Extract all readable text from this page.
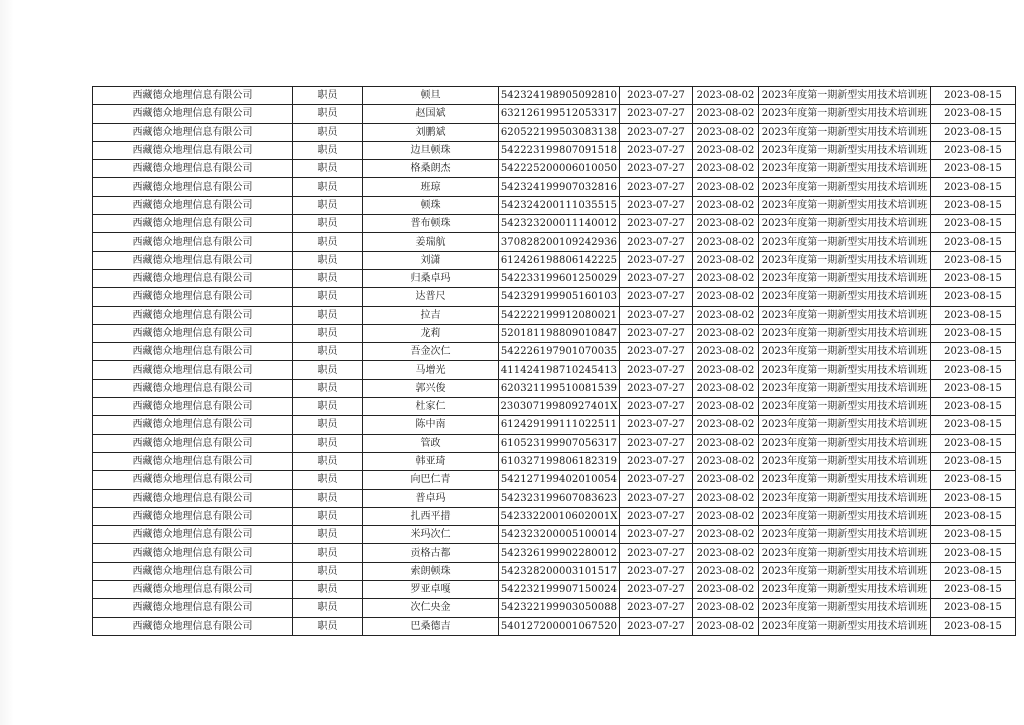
西藏德众地理信息有限公司	职员	顿旦	542324198905092810	2023-07-27	2023-08-02	2023年度第一期新型实用技术培训班	2023-08-15
西藏德众地理信息有限公司	职员	赵国斌	632126199512053317	2023-07-27	2023-08-02	2023年度第一期新型实用技术培训班	2023-08-15
西藏德众地理信息有限公司	职员	刘鹏斌	620522199503083138	2023-07-27	2023-08-02	2023年度第一期新型实用技术培训班	2023-08-15
西藏德众地理信息有限公司	职员	边旦顿珠	542223199807091518	2023-07-27	2023-08-02	2023年度第一期新型实用技术培训班	2023-08-15
西藏德众地理信息有限公司	职员	格桑朗杰	542225200006010050	2023-07-27	2023-08-02	2023年度第一期新型实用技术培训班	2023-08-15
西藏德众地理信息有限公司	职员	班琼	542324199907032816	2023-07-27	2023-08-02	2023年度第一期新型实用技术培训班	2023-08-15
西藏德众地理信息有限公司	职员	顿珠	542324200111035515	2023-07-27	2023-08-02	2023年度第一期新型实用技术培训班	2023-08-15
西藏德众地理信息有限公司	职员	普布顿珠	542323200011140012	2023-07-27	2023-08-02	2023年度第一期新型实用技术培训班	2023-08-15
西藏德众地理信息有限公司	职员	姜瑞航	370828200109242936	2023-07-27	2023-08-02	2023年度第一期新型实用技术培训班	2023-08-15
西藏德众地理信息有限公司	职员	刘潇	612426198806142225	2023-07-27	2023-08-02	2023年度第一期新型实用技术培训班	2023-08-15
西藏德众地理信息有限公司	职员	归桑卓玛	542233199601250029	2023-07-27	2023-08-02	2023年度第一期新型实用技术培训班	2023-08-15
西藏德众地理信息有限公司	职员	达普尺	542329199905160103	2023-07-27	2023-08-02	2023年度第一期新型实用技术培训班	2023-08-15
西藏德众地理信息有限公司	职员	拉吉	542222199912080021	2023-07-27	2023-08-02	2023年度第一期新型实用技术培训班	2023-08-15
西藏德众地理信息有限公司	职员	龙莉	520181198809010847	2023-07-27	2023-08-02	2023年度第一期新型实用技术培训班	2023-08-15
西藏德众地理信息有限公司	职员	吾金次仁	542226197901070035	2023-07-27	2023-08-02	2023年度第一期新型实用技术培训班	2023-08-15
西藏德众地理信息有限公司	职员	马增光	411424198710245413	2023-07-27	2023-08-02	2023年度第一期新型实用技术培训班	2023-08-15
西藏德众地理信息有限公司	职员	郭兴俊	620321199510081539	2023-07-27	2023-08-02	2023年度第一期新型实用技术培训班	2023-08-15
西藏德众地理信息有限公司	职员	杜家仁	23030719980927401X	2023-07-27	2023-08-02	2023年度第一期新型实用技术培训班	2023-08-15
西藏德众地理信息有限公司	职员	陈中南	612429199111022511	2023-07-27	2023-08-02	2023年度第一期新型实用技术培训班	2023-08-15
西藏德众地理信息有限公司	职员	管政	610523199907056317	2023-07-27	2023-08-02	2023年度第一期新型实用技术培训班	2023-08-15
西藏德众地理信息有限公司	职员	韩亚琦	610327199806182319	2023-07-27	2023-08-02	2023年度第一期新型实用技术培训班	2023-08-15
西藏德众地理信息有限公司	职员	向巴仁青	542127199402010054	2023-07-27	2023-08-02	2023年度第一期新型实用技术培训班	2023-08-15
西藏德众地理信息有限公司	职员	普卓玛	542323199607083623	2023-07-27	2023-08-02	2023年度第一期新型实用技术培训班	2023-08-15
西藏德众地理信息有限公司	职员	扎西平措	54233220010602001X	2023-07-27	2023-08-02	2023年度第一期新型实用技术培训班	2023-08-15
西藏德众地理信息有限公司	职员	米玛次仁	542323200005100014	2023-07-27	2023-08-02	2023年度第一期新型实用技术培训班	2023-08-15
西藏德众地理信息有限公司	职员	贡格古都	542326199902280012	2023-07-27	2023-08-02	2023年度第一期新型实用技术培训班	2023-08-15
西藏德众地理信息有限公司	职员	索朗顿珠	542328200003101517	2023-07-27	2023-08-02	2023年度第一期新型实用技术培训班	2023-08-15
西藏德众地理信息有限公司	职员	罗亚卓嘎	542232199907150024	2023-07-27	2023-08-02	2023年度第一期新型实用技术培训班	2023-08-15
西藏德众地理信息有限公司	职员	次仁央金	542322199903050088	2023-07-27	2023-08-02	2023年度第一期新型实用技术培训班	2023-08-15
西藏德众地理信息有限公司	职员	巴桑德吉	540127200001067520	2023-07-27	2023-08-02	2023年度第一期新型实用技术培训班	2023-08-15
